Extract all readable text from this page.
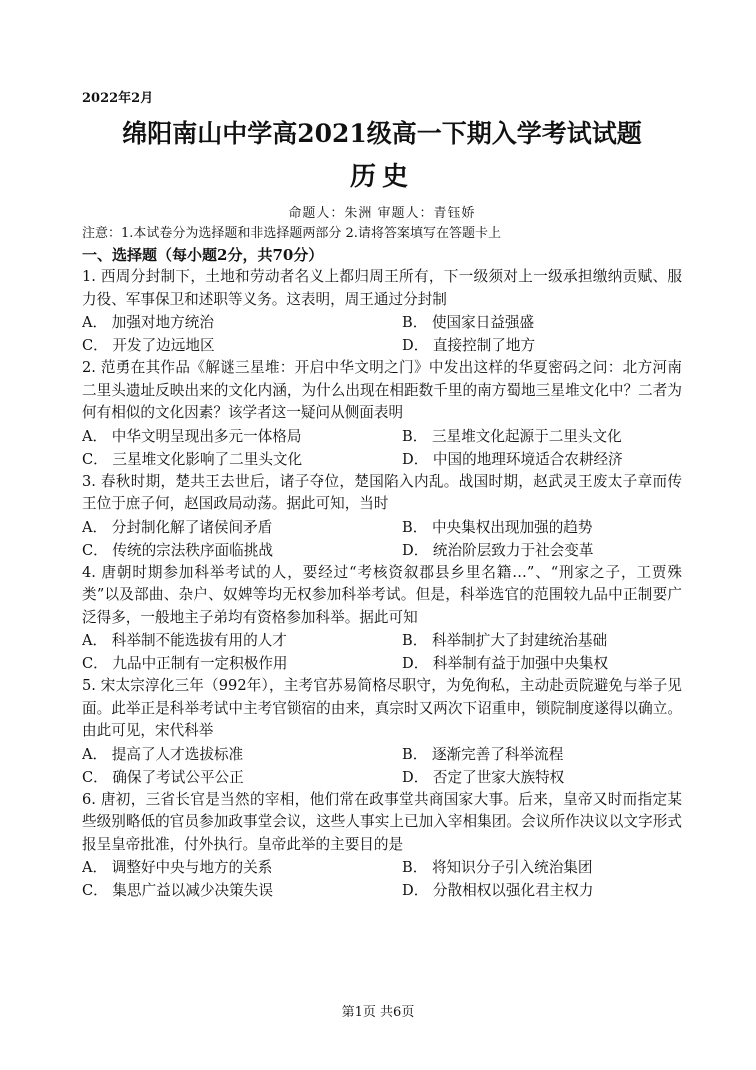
2022年2月
绵阳南山中学高2021级高一下期入学考试试题
历史
命题人：朱洲 审题人：青钰娇
注意：1.本试卷分为选择题和非选择题两部分 2.请将答案填写在答题卡上
一、选择题（每小题2分，共70分）
1. 西周分封制下，土地和劳动者名义上都归周王所有，下一级须对上一级承担缴纳贡赋、服力役、军事保卫和述职等义务。这表明，周王通过分封制
A． 加强对地方统治	B． 使国家日益强盛
C． 开发了边远地区	D． 直接控制了地方
2. 范勇在其作品《解谜三星堆：开启中华文明之门》中发出这样的华夏密码之问：北方河南二里头遗址反映出来的文化内涵，为什么出现在相距数千里的南方蜀地三星堆文化中？二者为何有相似的文化因素？该学者这一疑问从侧面表明
A． 中华文明呈现出多元一体格局	B． 三星堆文化起源于二里头文化
C． 三星堆文化影响了二里头文化	D． 中国的地理环境适合农耕经济
3. 春秋时期，楚共王去世后，诸子夺位，楚国陷入内乱。战国时期，赵武灵王废太子章而传王位于庶子何，赵国政局动荡。据此可知，当时
A． 分封制化解了诸侯间矛盾	B． 中央集权出现加强的趋势
C． 传统的宗法秩序面临挑战	D． 统治阶层致力于社会变革
4. 唐朝时期参加科举考试的人，要经过“考核资叙郡县乡里名籍…”、“刑家之子，工贾殊类”以及部曲、杂户、奴婢等均无权参加科举考试。但是，科举选官的范围较九品中正制要广泛得多，一般地主子弟均有资格参加科举。据此可知
A． 科举制不能选拔有用的人才	B． 科举制扩大了封建统治基础
C． 九品中正制有一定积极作用	D． 科举制有益于加强中央集权
5. 宋太宗淳化三年（992年），主考官苏易简格尽职守，为免徇私，主动赴贡院避免与举子见面。此举正是科举考试中主考官锁宿的由来，真宗时又两次下诏重申，锁院制度遂得以确立。由此可见，宋代科举
A． 提高了人才选拔标准	B． 逐渐完善了科举流程
C． 确保了考试公平公正	D． 否定了世家大族特权
6. 唐初，三省长官是当然的宰相，他们常在政事堂共商国家大事。后来，皇帝又时而指定某些级别略低的官员参加政事堂会议，这些人事实上已加入宰相集团。会议所作决议以文字形式报呈皇帝批准，付外执行。皇帝此举的主要目的是
A． 调整好中央与地方的关系	B． 将知识分子引入统治集团
C． 集思广益以减少决策失误	D． 分散相权以强化君主权力
第1页 共6页
